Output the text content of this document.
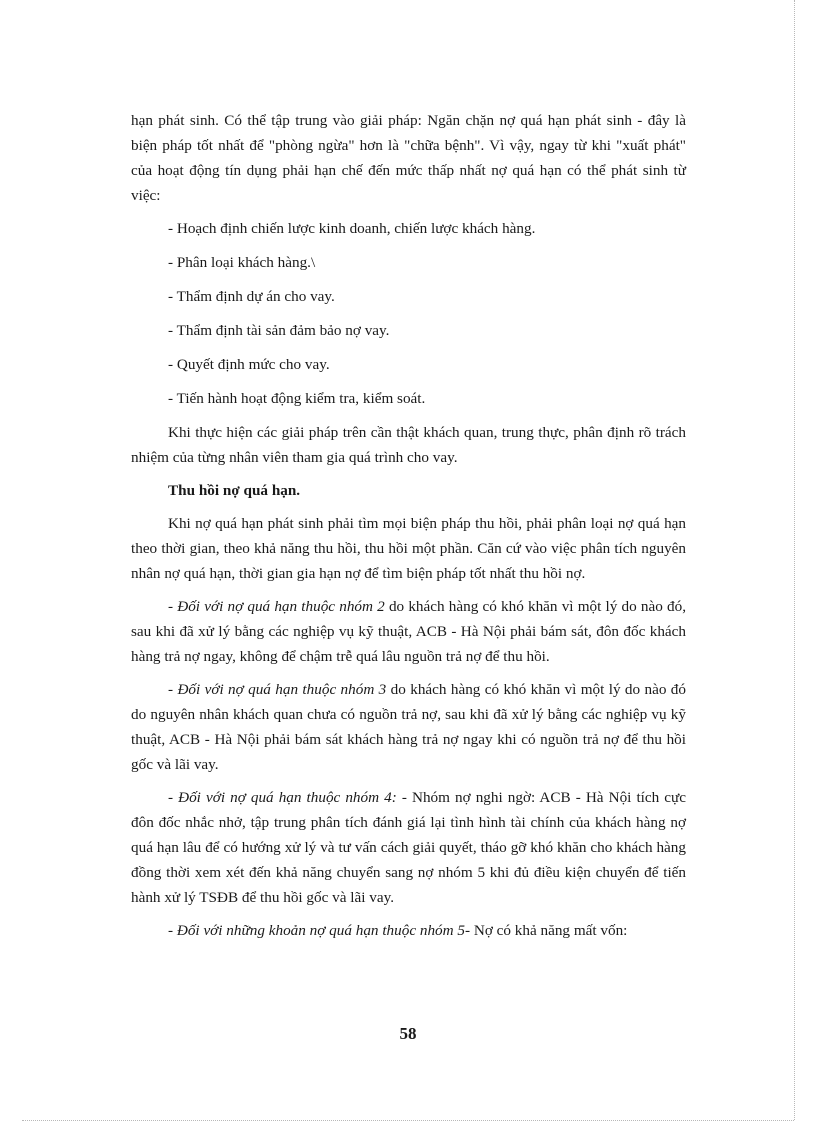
hạn phát sinh. Có thể tập trung vào giải pháp: Ngăn chặn nợ quá hạn phát sinh - đây là biện pháp tốt nhất để "phòng ngừa" hơn là "chữa bệnh". Vì vậy, ngay từ khi "xuất phát" của hoạt động tín dụng phải hạn chế đến mức thấp nhất nợ quá hạn có thể phát sinh từ việc:

- Hoạch định chiến lược kinh doanh, chiến lược khách hàng.

- Phân loại khách hàng.\

- Thẩm định dự án cho vay.

- Thẩm định tài sản đảm bảo nợ vay.

- Quyết định mức cho vay.

- Tiến hành hoạt động kiểm tra, kiểm soát.

Khi thực hiện các giải pháp trên cần thật khách quan, trung thực, phân định rõ trách nhiệm của từng nhân viên tham gia quá trình cho vay.

Thu hồi nợ quá hạn.

Khi nợ quá hạn phát sinh phải tìm mọi biện pháp thu hồi, phải phân loại nợ quá hạn theo thời gian, theo khả năng thu hồi, thu hồi một phần. Căn cứ vào việc phân tích nguyên nhân nợ quá hạn, thời gian gia hạn nợ để tìm biện pháp tốt nhất thu hồi nợ.

- Đối với nợ quá hạn thuộc nhóm 2 do khách hàng có khó khăn vì một lý do nào đó, sau khi đã xử lý bằng các nghiệp vụ kỹ thuật, ACB - Hà Nội phải bám sát, đôn đốc khách hàng trả nợ ngay, không để chậm trễ quá lâu nguồn trả nợ để thu hồi.

- Đối với nợ quá hạn thuộc nhóm 3 do khách hàng có khó khăn vì một lý do nào đó do nguyên nhân khách quan chưa có nguồn trả nợ, sau khi đã xử lý bằng các nghiệp vụ kỹ thuật, ACB - Hà Nội phải bám sát khách hàng trả nợ ngay khi có nguồn trả nợ để thu hồi gốc và lãi vay.

- Đối với nợ quá hạn thuộc nhóm 4: - Nhóm nợ nghi ngờ: ACB - Hà Nội tích cực đôn đốc nhắc nhở, tập trung phân tích đánh giá lại tình hình tài chính của khách hàng nợ quá hạn lâu để có hướng xử lý và tư vấn cách giải quyết, tháo gỡ khó khăn cho khách hàng đồng thời xem xét đến khả năng chuyển sang nợ nhóm 5 khi đủ điều kiện chuyển để tiến hành xử lý TSĐB để thu hồi gốc và lãi vay.

- Đối với những khoản nợ quá hạn thuộc nhóm 5- Nợ có khả năng mất vốn:

58
